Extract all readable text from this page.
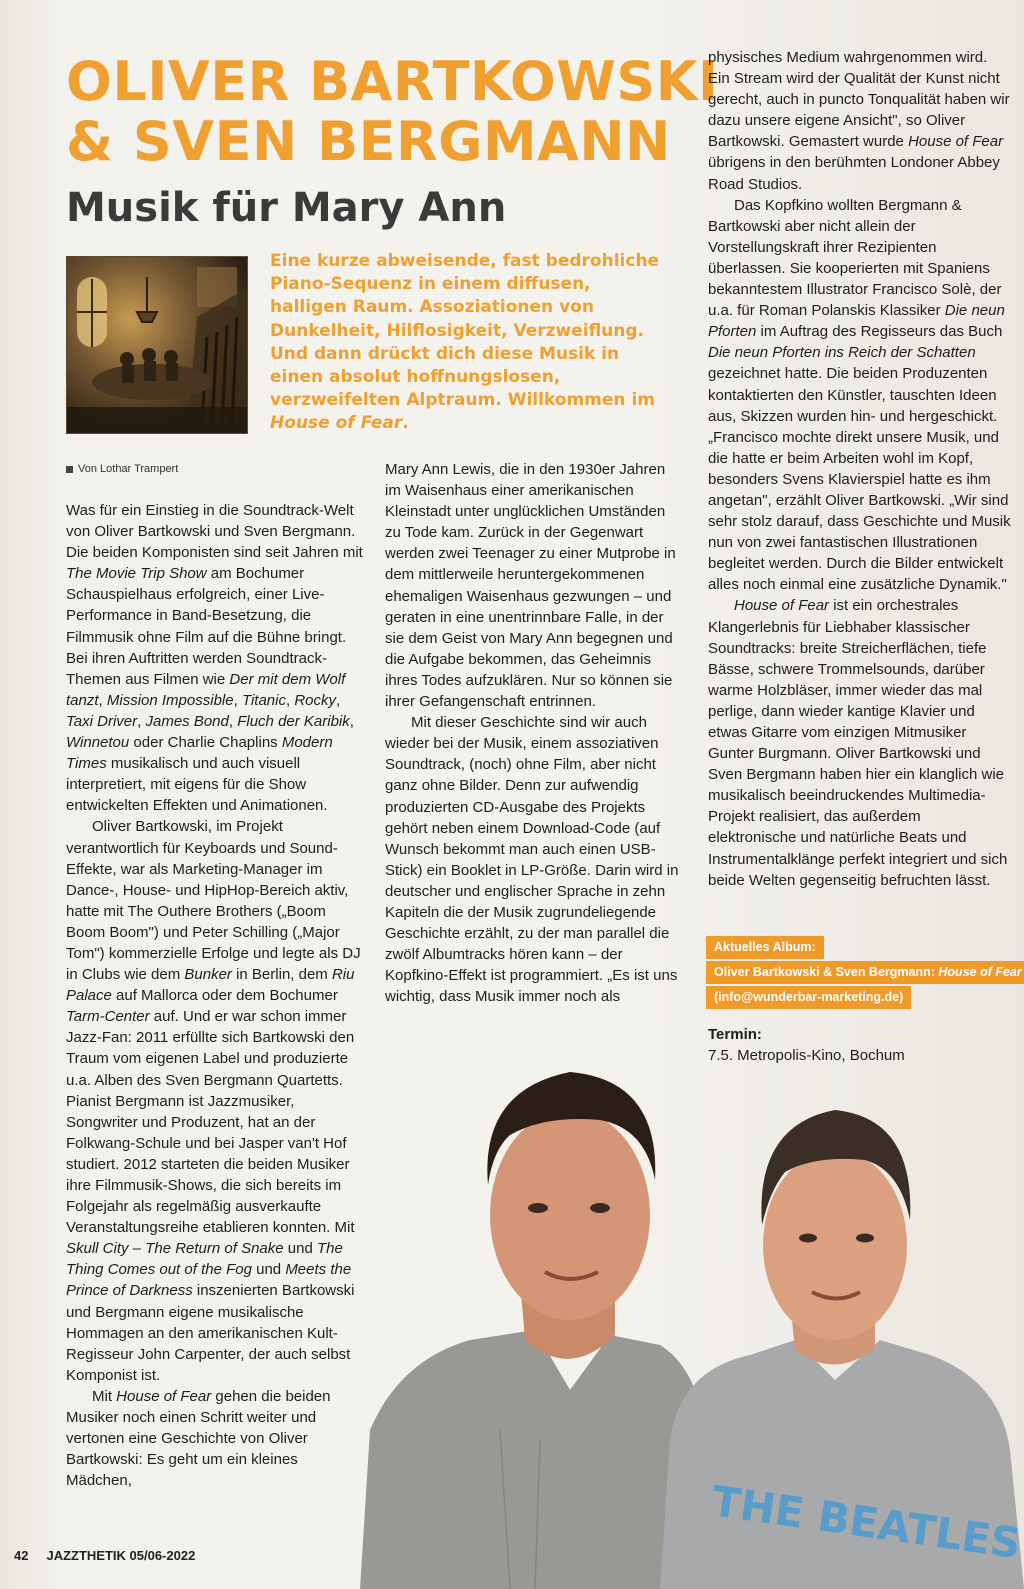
OLIVER BARTKOWSKI
& SVEN BERGMANN
Musik für Mary Ann
Eine kurze abweisende, fast bedrohliche Piano-Sequenz in einem diffusen, halligen Raum. Assoziationen von Dunkelheit, Hilflosigkeit, Verzweiflung. Und dann drückt dich diese Musik in einen absolut hoffnungslosen, verzweifelten Alptraum. Willkommen im House of Fear.
Von Lothar Trampert

Was für ein Einstieg in die Soundtrack-Welt von Oliver Bartkowski und Sven Bergmann. Die beiden Komponisten sind seit Jahren mit The Movie Trip Show am Bochumer Schauspielhaus erfolgreich, einer Live-Performance in Band-Besetzung, die Filmmusik ohne Film auf die Bühne bringt. Bei ihren Auftritten werden Soundtrack-Themen aus Filmen wie Der mit dem Wolf tanzt, Mission Impossible, Titanic, Rocky, Taxi Driver, James Bond, Fluch der Karibik, Winnetou oder Charlie Chaplins Modern Times musikalisch und auch visuell interpretiert, mit eigens für die Show entwickelten Effekten und Animationen.

Oliver Bartkowski, im Projekt verantwortlich für Keyboards und Sound-Effekte, war als Marketing-Manager im Dance-, House- und HipHop-Bereich aktiv, hatte mit The Outhere Brothers („Boom Boom Boom") und Peter Schilling („Major Tom") kommerzielle Erfolge und legte als DJ in Clubs wie dem Bunker in Berlin, dem Riu Palace auf Mallorca oder dem Bochumer Tarm-Center auf. Und er war schon immer Jazz-Fan: 2011 erfüllte sich Bartkowski den Traum vom eigenen Label und produzierte u.a. Alben des Sven Bergmann Quartetts. Pianist Bergmann ist Jazzmusiker, Songwriter und Produzent, hat an der Folkwang-Schule und bei Jasper van't Hof studiert. 2012 starteten die beiden Musiker ihre Filmmusik-Shows, die sich bereits im Folgejahr als regelmäßig ausverkaufte Veranstaltungsreihe etablieren konnten. Mit Skull City – The Return of Snake und The Thing Comes out of the Fog und Meets the Prince of Darkness inszenierten Bartkowski und Bergmann eigene musikalische Hommagen an den amerikanischen Kult-Regisseur John Carpenter, der auch selbst Komponist ist.

Mit House of Fear gehen die beiden Musiker noch einen Schritt weiter und vertonen eine Geschichte von Oliver Bartkowski: Es geht um ein kleines Mädchen,

Mary Ann Lewis, die in den 1930er Jahren im Waisenhaus einer amerikanischen Kleinstadt unter unglücklichen Umständen zu Tode kam. Zurück in der Gegenwart werden zwei Teenager zu einer Mutprobe in dem mittlerweile heruntergekommenen ehemaligen Waisenhaus gezwungen – und geraten in eine unentrinnbare Falle, in der sie dem Geist von Mary Ann begegnen und die Aufgabe bekommen, das Geheimnis ihres Todes aufzuklären. Nur so können sie ihrer Gefangenschaft entrinnen.

Mit dieser Geschichte sind wir auch wieder bei der Musik, einem assoziativen Soundtrack, (noch) ohne Film, aber nicht ganz ohne Bilder. Denn zur aufwendig produzierten CD-Ausgabe des Projekts gehört neben einem Download-Code (auf Wunsch bekommt man auch einen USB-Stick) ein Booklet in LP-Größe. Darin wird in deutscher und englischer Sprache in zehn Kapiteln die der Musik zugrundeliegende Geschichte erzählt, zu der man parallel die zwölf Albumtracks hören kann – der Kopfkino-Effekt ist programmiert. „Es ist uns wichtig, dass Musik immer noch als

physisches Medium wahrgenommen wird. Ein Stream wird der Qualität der Kunst nicht gerecht, auch in puncto Tonqualität haben wir dazu unsere eigene Ansicht", so Oliver Bartkowski. Gemastert wurde House of Fear übrigens in den berühmten Londoner Abbey Road Studios.

Das Kopfkino wollten Bergmann & Bartkowski aber nicht allein der Vorstellungskraft ihrer Rezipienten überlassen. Sie kooperierten mit Spaniens bekanntestem Illustrator Francisco Solè, der u.a. für Roman Polanskis Klassiker Die neun Pforten im Auftrag des Regisseurs das Buch Die neun Pforten ins Reich der Schatten gezeichnet hatte. Die beiden Produzenten kontaktierten den Künstler, tauschten Ideen aus, Skizzen wurden hin- und hergeschickt. „Francisco mochte direkt unsere Musik, und die hatte er beim Arbeiten wohl im Kopf, besonders Svens Klavierspiel hatte es ihm angetan", erzählt Oliver Bartkowski. „Wir sind sehr stolz darauf, dass Geschichte und Musik nun von zwei fantastischen Illustrationen begleitet werden. Durch die Bilder entwickelt alles noch einmal eine zusätzliche Dynamik."

House of Fear ist ein orchestrales Klangerlebnis für Liebhaber klassischer Soundtracks: breite Streicherflächen, tiefe Bässe, schwere Trommelsounds, darüber warme Holzbläser, immer wieder das mal perlige, dann wieder kantige Klavier und etwas Gitarre vom einzigen Mitmusiker Gunter Burgmann. Oliver Bartkowski und Sven Bergmann haben hier ein klanglich wie musikalisch beeindruckendes Multimedia-Projekt realisiert, das außerdem elektronische und natürliche Beats und Instrumentalklänge perfekt integriert und sich beide Welten gegenseitig befruchten lässt.

Aktuelles Album:
Oliver Bartkowski & Sven Bergmann: House of Fear
(info@wunderbar-marketing.de)
Termin:
7.5. Metropolis-Kino, Bochum
THE BEATLES
42 JAZZTHETIK 05/06-2022
